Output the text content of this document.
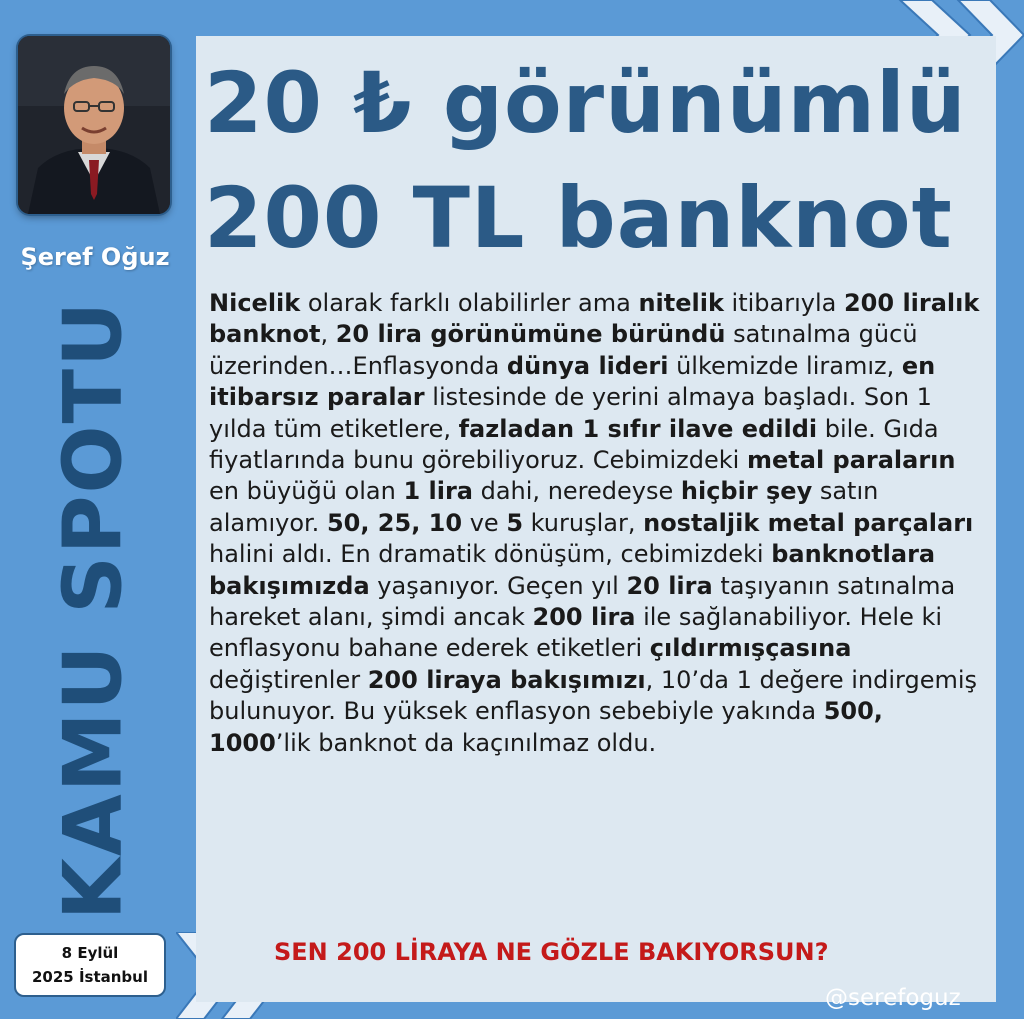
Şeref Oğuz
KAMU SPOTU
8 Eylül
2025 İstanbul
20 ₺ görünümlü
200 TL banknot
Nicelik olarak farklı olabilirler ama nitelik itibarıyla 200 liralık banknot, 20 lira görünümüne büründü satınalma gücü üzerinden…Enflasyonda dünya lideri ülkemizde liramız, en itibarsız paralar listesinde de yerini almaya başladı. Son 1 yılda tüm etiketlere, fazladan 1 sıfır ilave edildi bile. Gıda fiyatlarında bunu görebiliyoruz. Cebimizdeki metal paraların en büyüğü olan 1 lira dahi, neredeyse hiçbir şey satın alamıyor. 50, 25, 10 ve 5 kuruşlar, nostaljik metal parçaları halini aldı. En dramatik dönüşüm, cebimizdeki banknotlara bakışımızda yaşanıyor. Geçen yıl 20 lira taşıyanın satınalma hareket alanı, şimdi ancak 200 lira ile sağlanabiliyor. Hele ki enflasyonu bahane ederek etiketleri çıldırmışçasına değiştirenler 200 liraya bakışımızı, 10’da 1 değere indirgemiş bulunuyor. Bu yüksek enflasyon sebebiyle yakında 500, 1000’lik banknot da kaçınılmaz oldu.
SEN 200 LİRAYA NE GÖZLE BAKIYORSUN?
@serefoguz
